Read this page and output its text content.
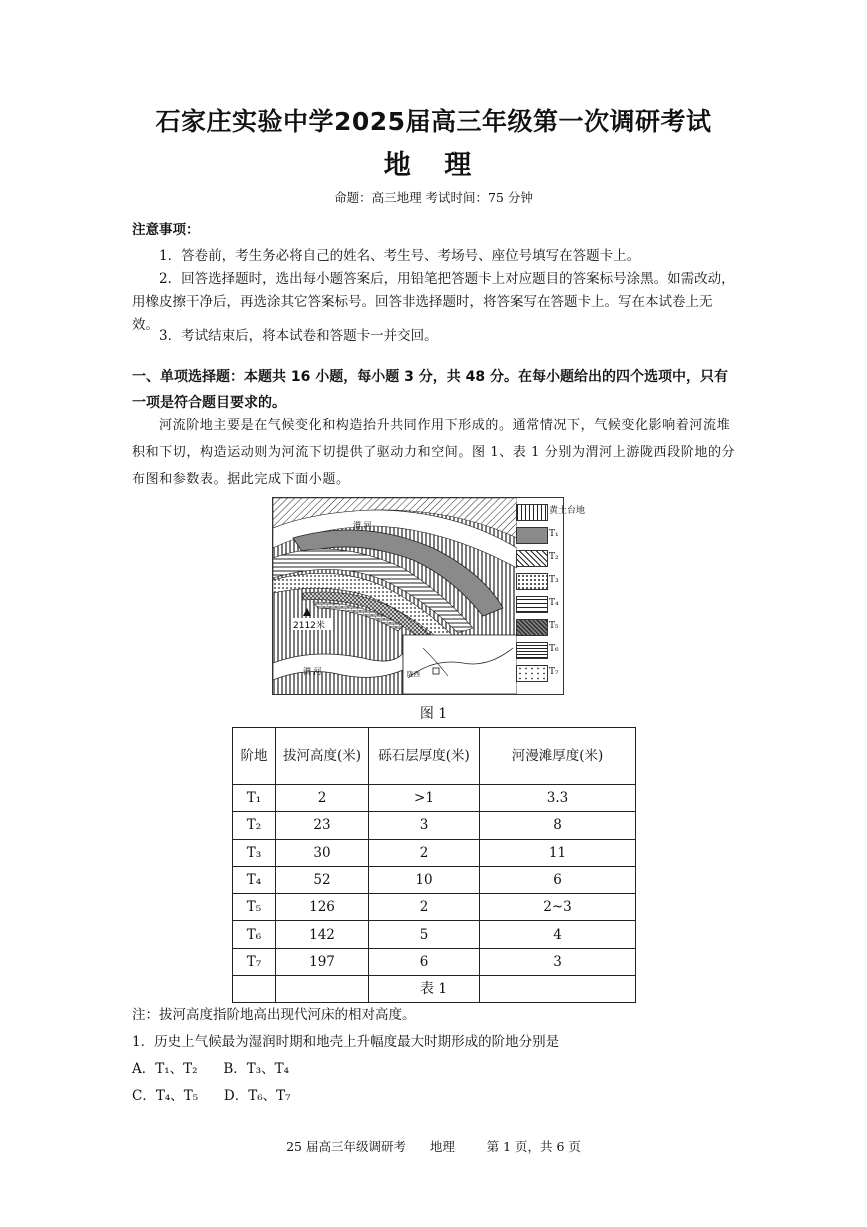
石家庄实验中学2025届高三年级第一次调研考试
地 理
命题：高三地理 考试时间：75 分钟
注意事项：
1．答卷前，考生务必将自己的姓名、考生号、考场号、座位号填写在答题卡上。
2．回答选择题时，选出每小题答案后，用铅笔把答题卡上对应题目的答案标号涂黑。如需改动，用橡皮擦干净后，再选涂其它答案标号。回答非选择题时，将答案写在答题卡上。写在本试卷上无效。
3．考试结束后，将本试卷和答题卡一并交回。
一、单项选择题：本题共 16 小题，每小题 3 分，共 48 分。在每小题给出的四个选项中，只有一项是符合题目要求的。
河流阶地主要是在气候变化和构造抬升共同作用下形成的。通常情况下，气候变化影响着河流堆积和下切，构造运动则为河流下切提供了驱动力和空间。图 1、表 1 分别为渭河上游陇西段阶地的分布图和参数表。据此完成下面小题。
2112米
渭 河
渭 河	陇西
黄土台地
T₁
T₂
T₃
T₄
T₅
T₆
T₇
图 1
阶地	拔河高度(米)	砾石层厚度(米)	河漫滩厚度(米)
T₁	2	>1	3.3
T₂	23	3	8
T₃	30	2	11
T₄	52	10	6
T₅	126	2	2~3
T₆	142	5	4
T₇	197	6	3

表 1
注：拔河高度指阶地高出现代河床的相对高度。
1．历史上气候最为湿润时期和地壳上升幅度最大时期形成的阶地分别是
A．T₁、T₂      B．T₃、T₄
C．T₄、T₅      D．T₆、T₇
25 届高三年级调研考      地理        第 1 页，共 6 页
